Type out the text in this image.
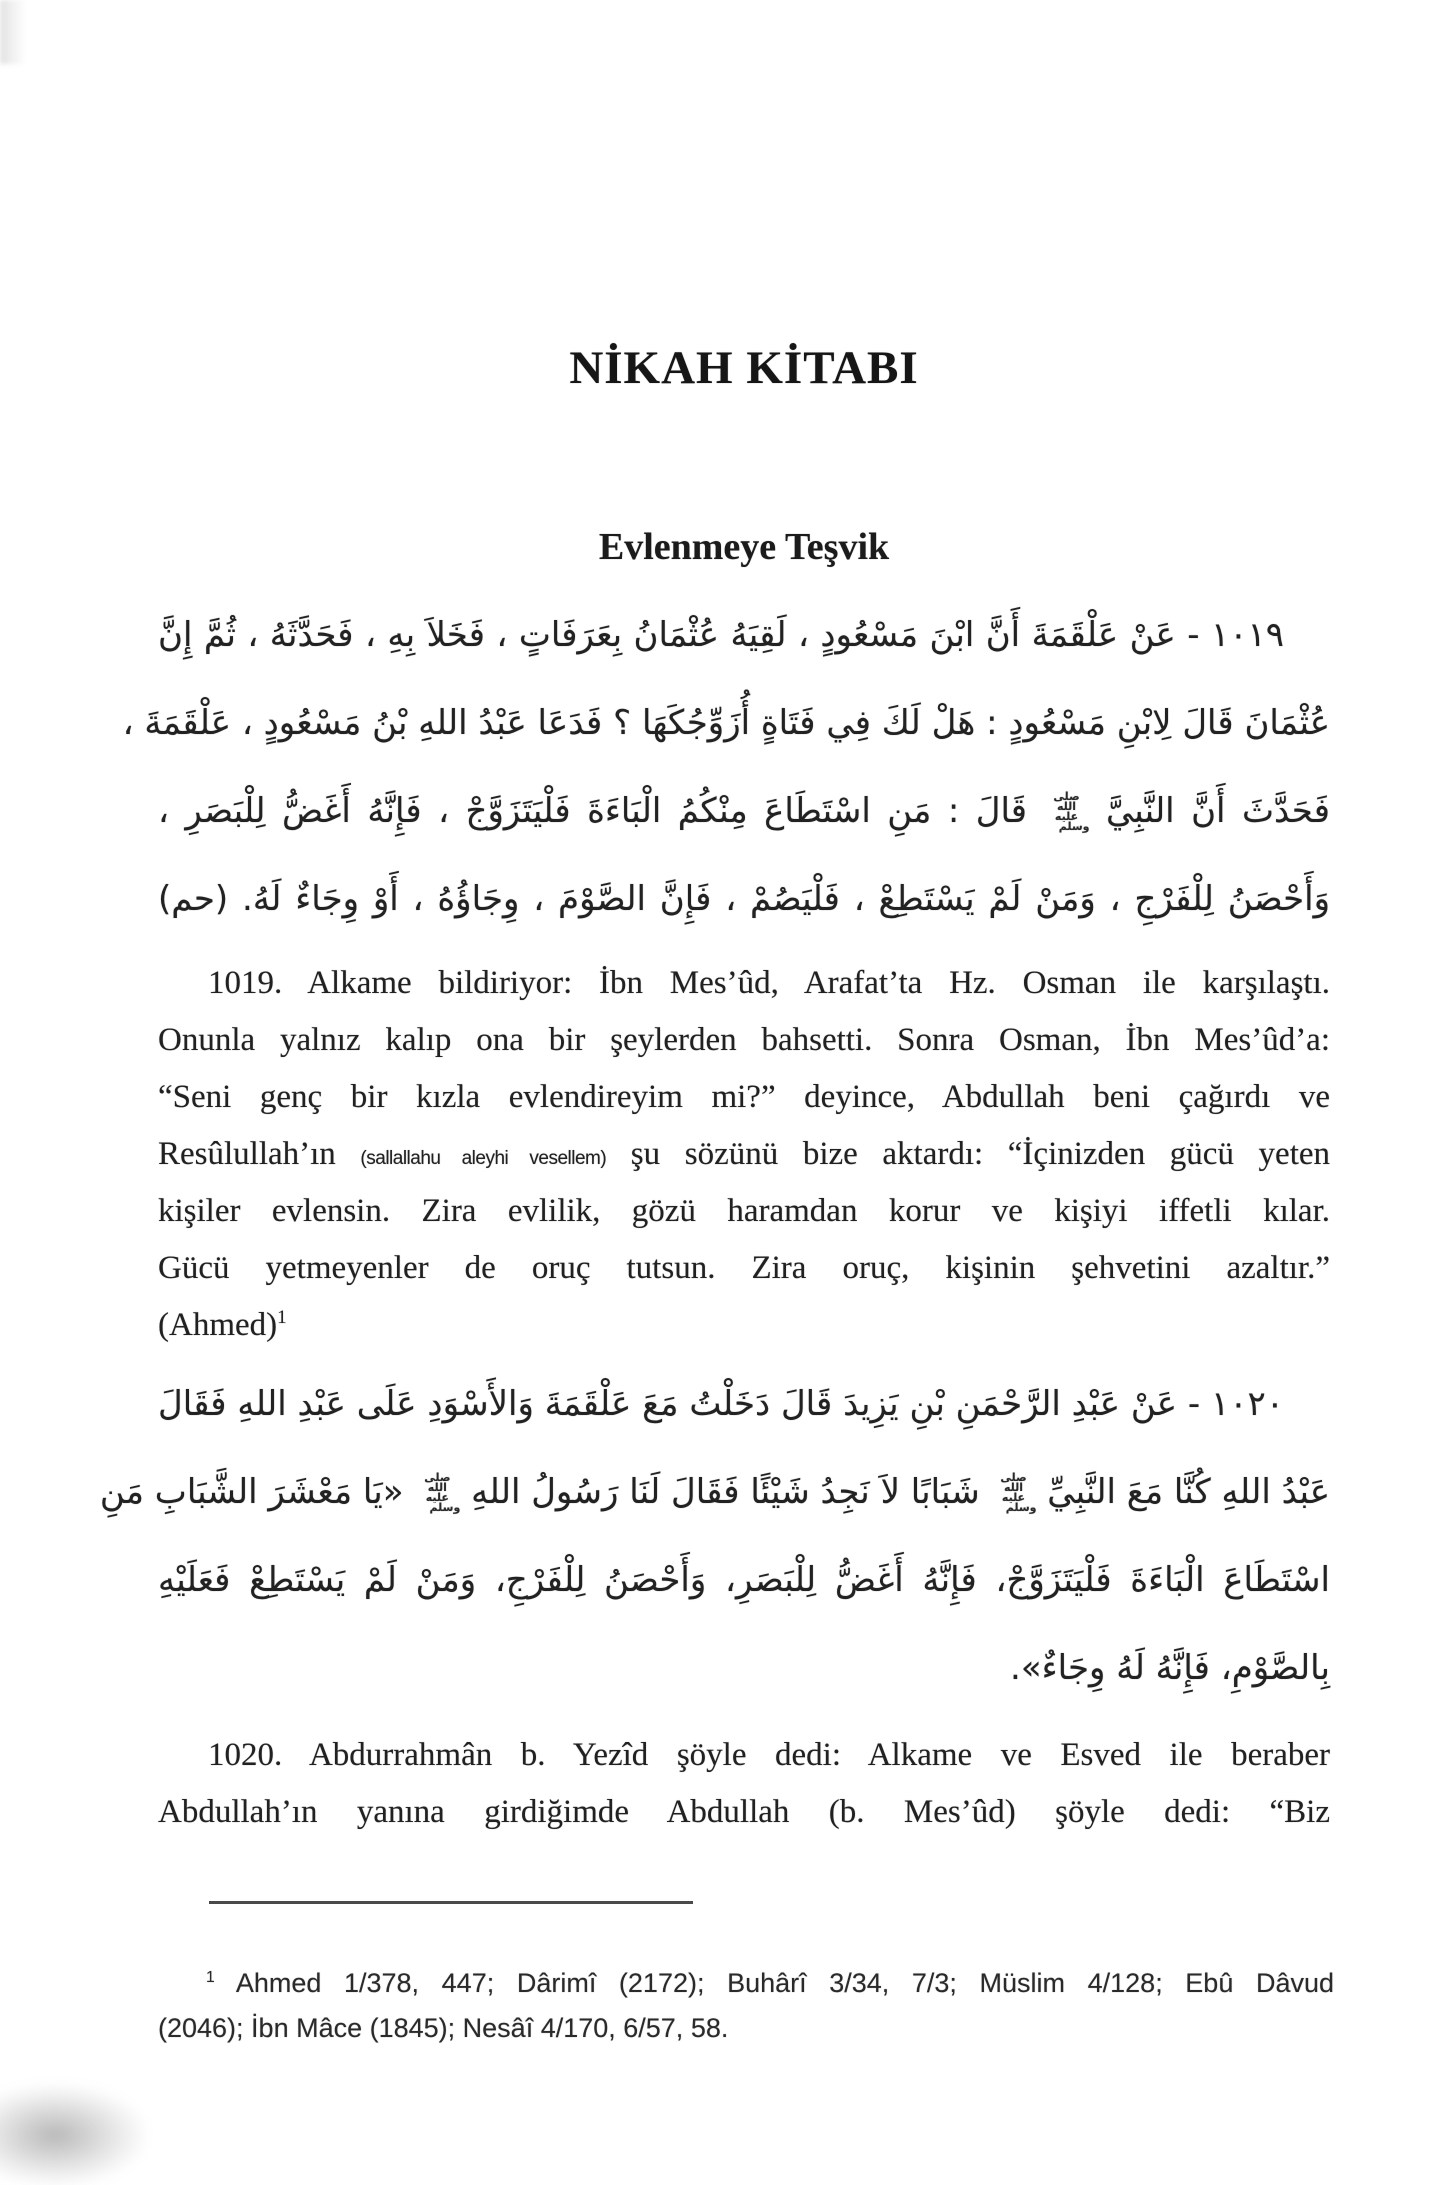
NİKAH KİTABI
Evlenmeye Teşvik
١٠١٩ - عَنْ عَلْقَمَةَ أَنَّ ابْنَ مَسْعُودٍ ، لَقِيَهُ عُثْمَانُ بِعَرَفَاتٍ ، فَخَلاَ بِهِ ، فَحَدَّثَهُ ، ثُمَّ إِنَّ
عُثْمَانَ قَالَ لِابْنِ مَسْعُودٍ : هَلْ لَكَ فِي فَتَاةٍ أُزَوِّجُكَهَا ؟ فَدَعَا عَبْدُ اللهِ بْنُ مَسْعُودٍ ، عَلْقَمَةَ ،
فَحَدَّثَ أَنَّ النَّبِيَّ صلى الله عليه وسلم قَالَ : مَنِ اسْتَطَاعَ مِنْكُمُ الْبَاءَةَ فَلْيَتَزَوَّجْ ، فَإِنَّهُ أَغَضُّ لِلْبَصَرِ ،
وَأَحْصَنُ لِلْفَرْجِ ، وَمَنْ لَمْ يَسْتَطِعْ ، فَلْيَصُمْ ، فَإِنَّ الصَّوْمَ ، وِجَاؤُهُ ، أَوْ وِجَاءٌ لَهُ. (حم)
1019. Alkame bildiriyor: İbn Mes’ûd, Arafat’ta Hz. Osman ile karşılaştı.
Onunla yalnız kalıp ona bir şeylerden bahsetti. Sonra Osman, İbn Mes’ûd’a:
“Seni genç bir kızla evlendireyim mi?” deyince, Abdullah beni çağırdı ve
Resûlullah’ın (sallallahu aleyhi vesellem) şu sözünü bize aktardı: “İçinizden gücü yeten
kişiler evlensin. Zira evlilik, gözü haramdan korur ve kişiyi iffetli kılar.
Gücü yetmeyenler de oruç tutsun. Zira oruç, kişinin şehvetini azaltır.”
(Ahmed)$^1$
١٠٢٠ - عَنْ عَبْدِ الرَّحْمَنِ بْنِ يَزِيدَ قَالَ دَخَلْتُ مَعَ عَلْقَمَةَ وَالأَسْوَدِ عَلَى عَبْدِ اللهِ فَقَالَ
عَبْدُ اللهِ كُنَّا مَعَ النَّبِيِّ صلى الله عليه وسلم شَبَابًا لاَ نَجِدُ شَيْئًا فَقَالَ لَنَا رَسُولُ اللهِ صلى الله عليه وسلم «يَا مَعْشَرَ الشَّبَابِ مَنِ
اسْتَطَاعَ الْبَاءَةَ فَلْيَتَزَوَّجْ، فَإِنَّهُ أَغَضُّ لِلْبَصَرِ، وَأَحْصَنُ لِلْفَرْجِ، وَمَنْ لَمْ يَسْتَطِعْ فَعَلَيْهِ
بِالصَّوْمِ، فَإِنَّهُ لَهُ وِجَاءٌ».
1020. Abdurrahmân b. Yezîd şöyle dedi: Alkame ve Esved ile beraber
Abdullah’ın yanına girdiğimde Abdullah (b. Mes’ûd) şöyle dedi: “Biz
$^1$ Ahmed 1/378, 447; Dârimî (2172); Buhârî 3/34, 7/3; Müslim 4/128; Ebû Dâvud
(2046); İbn Mâce (1845); Nesâî 4/170, 6/57, 58.
